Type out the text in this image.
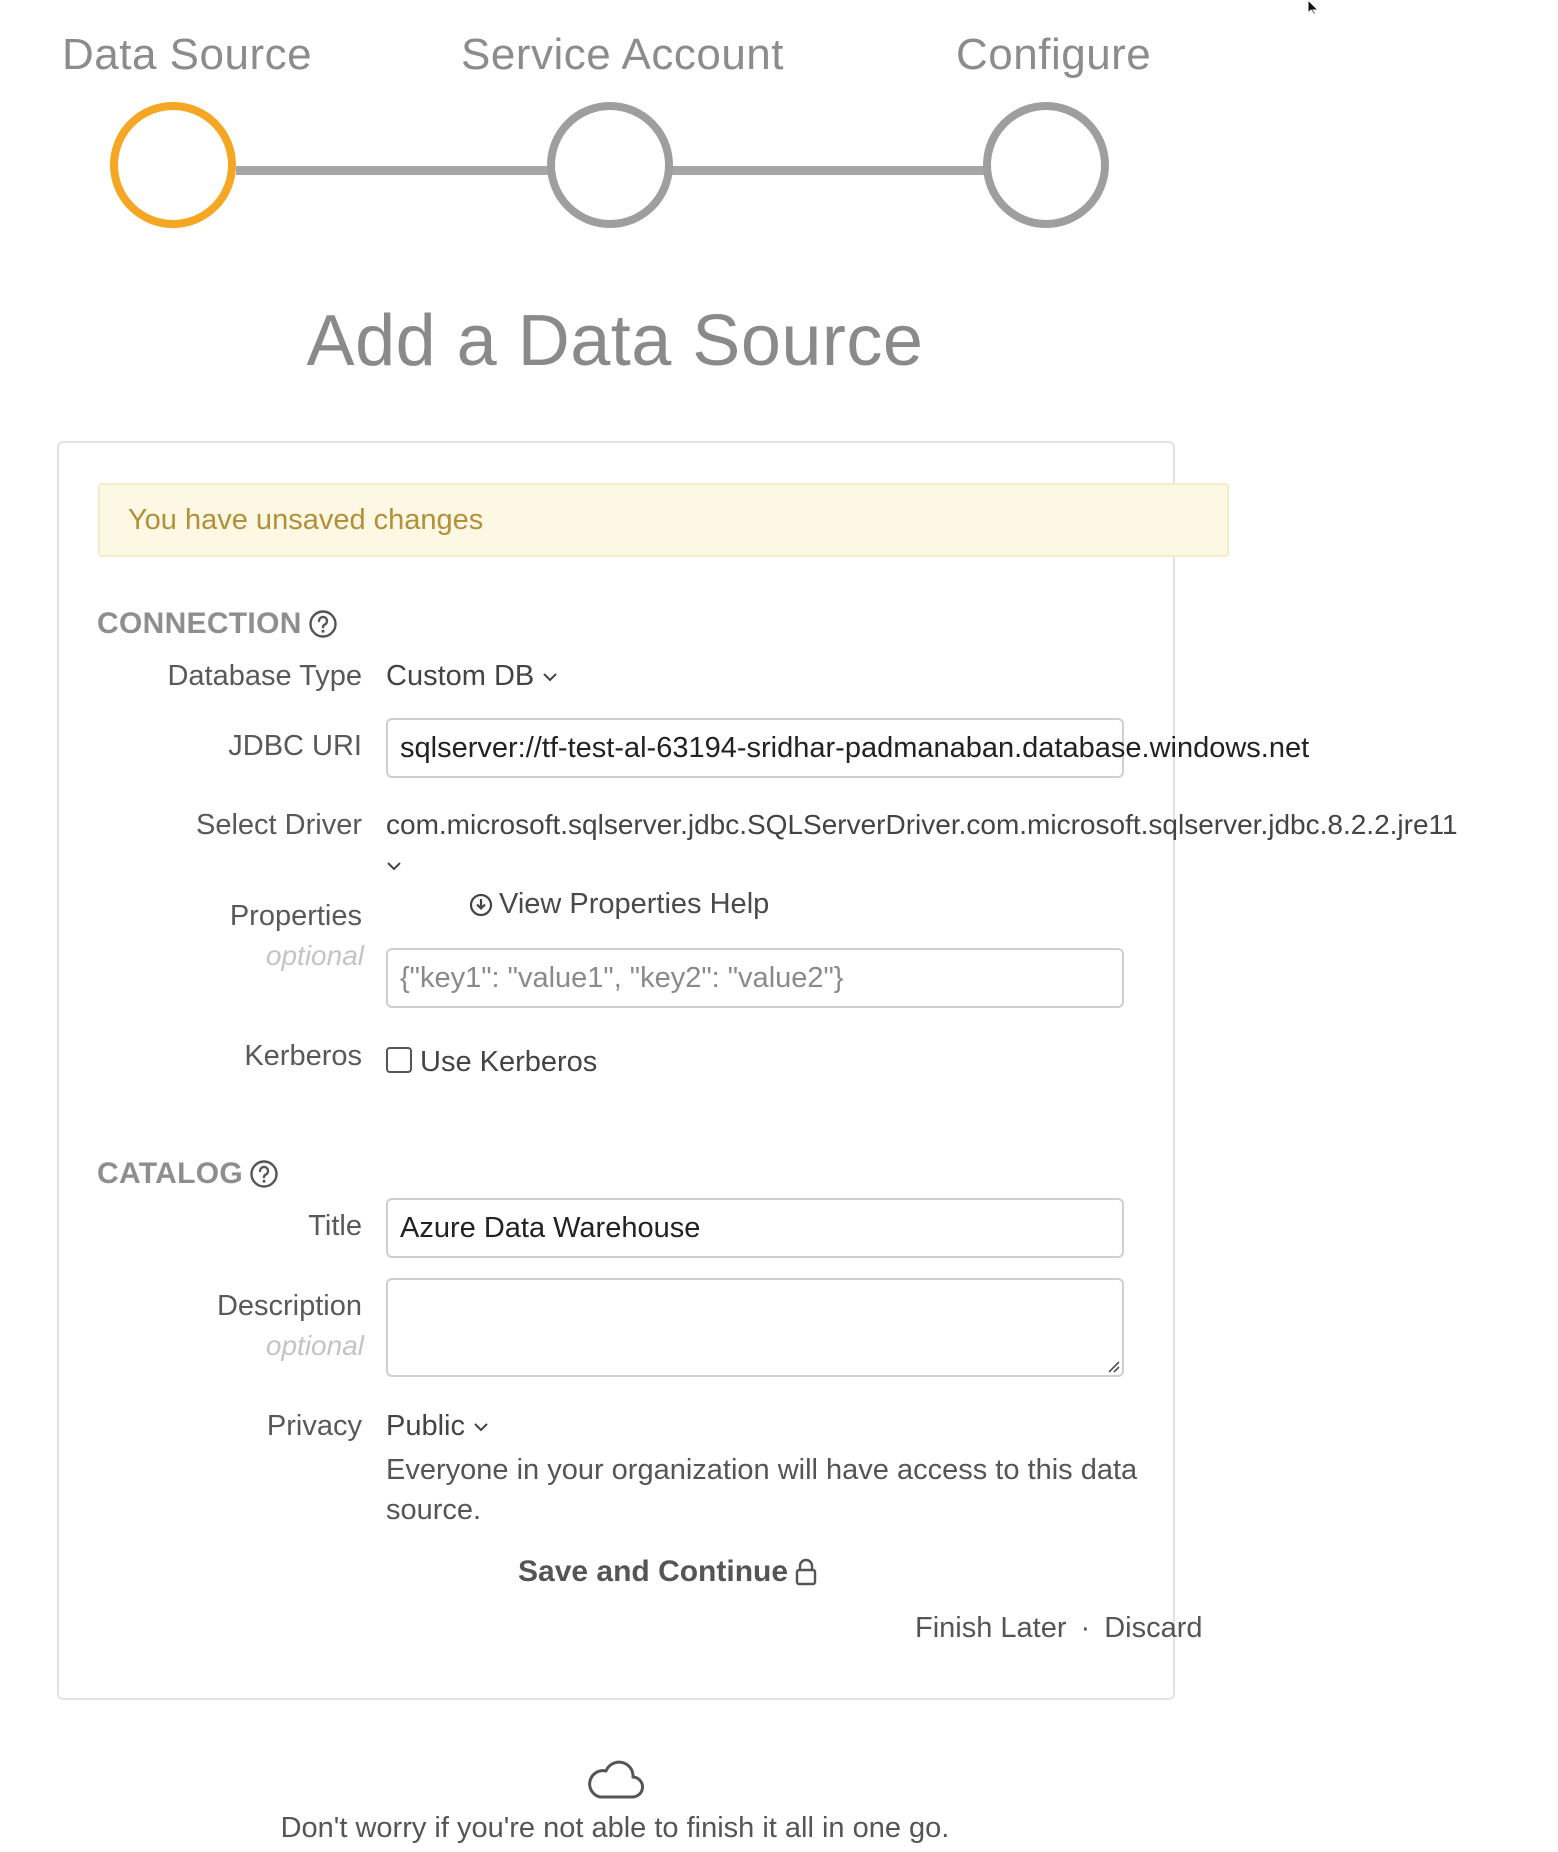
Data Source	Service Account	Configure
Add a Data Source
You have unsaved changes
CONNECTION
Database Type Custom DB
JDBC URI	sqlserver://tf-test-al-63194-sridhar-padmanaban.database.windows.net
Select Driver com.microsoft.sqlserver.jdbc.SQLServerDriver.com.microsoft.sqlserver.jdbc.8.2.2.jre11
Properties
optional
View Properties Help
{"key1": "value1", "key2": "value2"}
Kerberos Use Kerberos
CATALOG
Title	Azure Data Warehouse
Description
optional
Privacy Public
Everyone in your organization will have access to this data source.
Save and Continue
Finish Later · Discard
Don't worry if you're not able to finish it all in one go.
